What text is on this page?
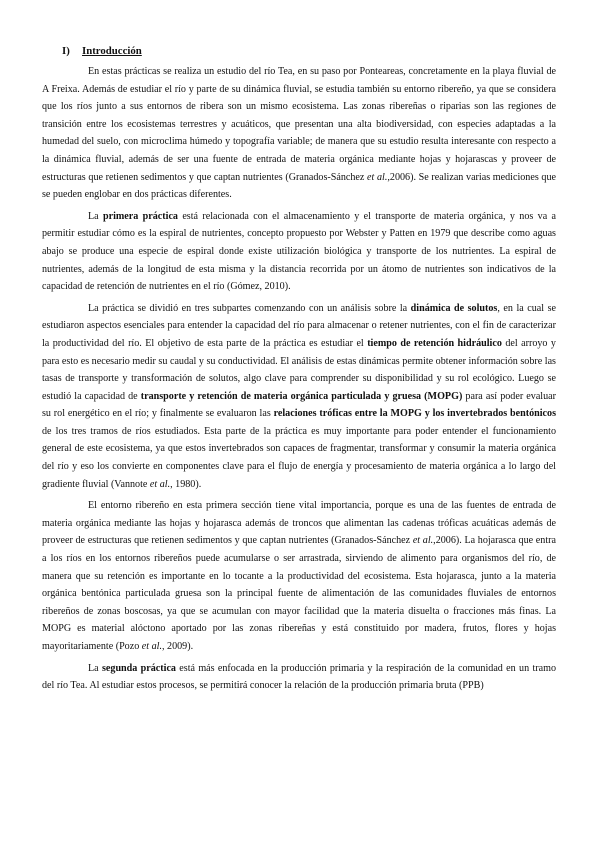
I) Introducción

En estas prácticas se realiza un estudio del río Tea, en su paso por Ponteareas, concretamente en la playa fluvial de A Freixa. Además de estudiar el río y parte de su dinámica fluvial, se estudia también su entorno ribereño, ya que se considera que los ríos junto a sus entornos de ribera son un mismo ecosistema. Las zonas ribereñas o riparias son las regiones de transición entre los ecosistemas terrestres y acuáticos, que presentan una alta biodiversidad, con especies adaptadas a la humedad del suelo, con microclima húmedo y topografía variable; de manera que su estudio resulta interesante con respecto a la dinámica fluvial, además de ser una fuente de entrada de materia orgánica mediante hojas y hojarascas y proveer de estructuras que retienen sedimentos y que captan nutrientes (Granados-Sánchez et al.,2006). Se realizan varias mediciones que se pueden englobar en dos prácticas diferentes.

La primera práctica está relacionada con el almacenamiento y el transporte de materia orgánica, y nos va a permitir estudiar cómo es la espiral de nutrientes, concepto propuesto por Webster y Patten en 1979 que describe como aguas abajo se produce una especie de espiral donde existe utilización biológica y transporte de los nutrientes. La espiral de nutrientes, además de la longitud de esta misma y la distancia recorrida por un átomo de nutrientes son indicativos de la capacidad de retención de nutrientes en el río (Gómez, 2010).

La práctica se dividió en tres subpartes comenzando con un análisis sobre la dinámica de solutos, en la cual se estudiaron aspectos esenciales para entender la capacidad del río para almacenar o retener nutrientes, con el fin de caracterizar la productividad del río. El objetivo de esta parte de la práctica es estudiar el tiempo de retención hidráulico del arroyo y para esto es necesario medir su caudal y su conductividad. El análisis de estas dinámicas permite obtener información sobre las tasas de transporte y transformación de solutos, algo clave para comprender su disponibilidad y su rol ecológico. Luego se estudió la capacidad de transporte y retención de materia orgánica particulada y gruesa (MOPG) para así poder evaluar su rol energético en el río; y finalmente se evaluaron las relaciones tróficas entre la MOPG y los invertebrados bentónicos de los tres tramos de ríos estudiados. Esta parte de la práctica es muy importante para poder entender el funcionamiento general de este ecosistema, ya que estos invertebrados son capaces de fragmentar, transformar y consumir la materia orgánica del río y eso los convierte en componentes clave para el flujo de energía y procesamiento de materia orgánica a lo largo del gradiente fluvial (Vannote et al., 1980).

El entorno ribereño en esta primera sección tiene vital importancia, porque es una de las fuentes de entrada de materia orgánica mediante las hojas y hojarasca además de troncos que alimentan las cadenas tróficas acuáticas además de proveer de estructuras que retienen sedimentos y que captan nutrientes (Granados-Sánchez et al.,2006). La hojarasca que entra a los ríos en los entornos ribereños puede acumularse o ser arrastrada, sirviendo de alimento para organismos del río, de manera que su retención es importante en lo tocante a la productividad del ecosistema. Esta hojarasca, junto a la materia orgánica bentónica particulada gruesa son la principal fuente de alimentación de las comunidades fluviales de entornos ribereños de zonas boscosas, ya que se acumulan con mayor facilidad que la materia disuelta o fracciones más finas. La MOPG es material alóctono aportado por las zonas ribereñas y está constituido por madera, frutos, flores y hojas mayoritariamente (Pozo et al., 2009).

La segunda práctica está más enfocada en la producción primaria y la respiración de la comunidad en un tramo del río Tea. Al estudiar estos procesos, se permitirá conocer la relación de la producción primaria bruta (PPB)
